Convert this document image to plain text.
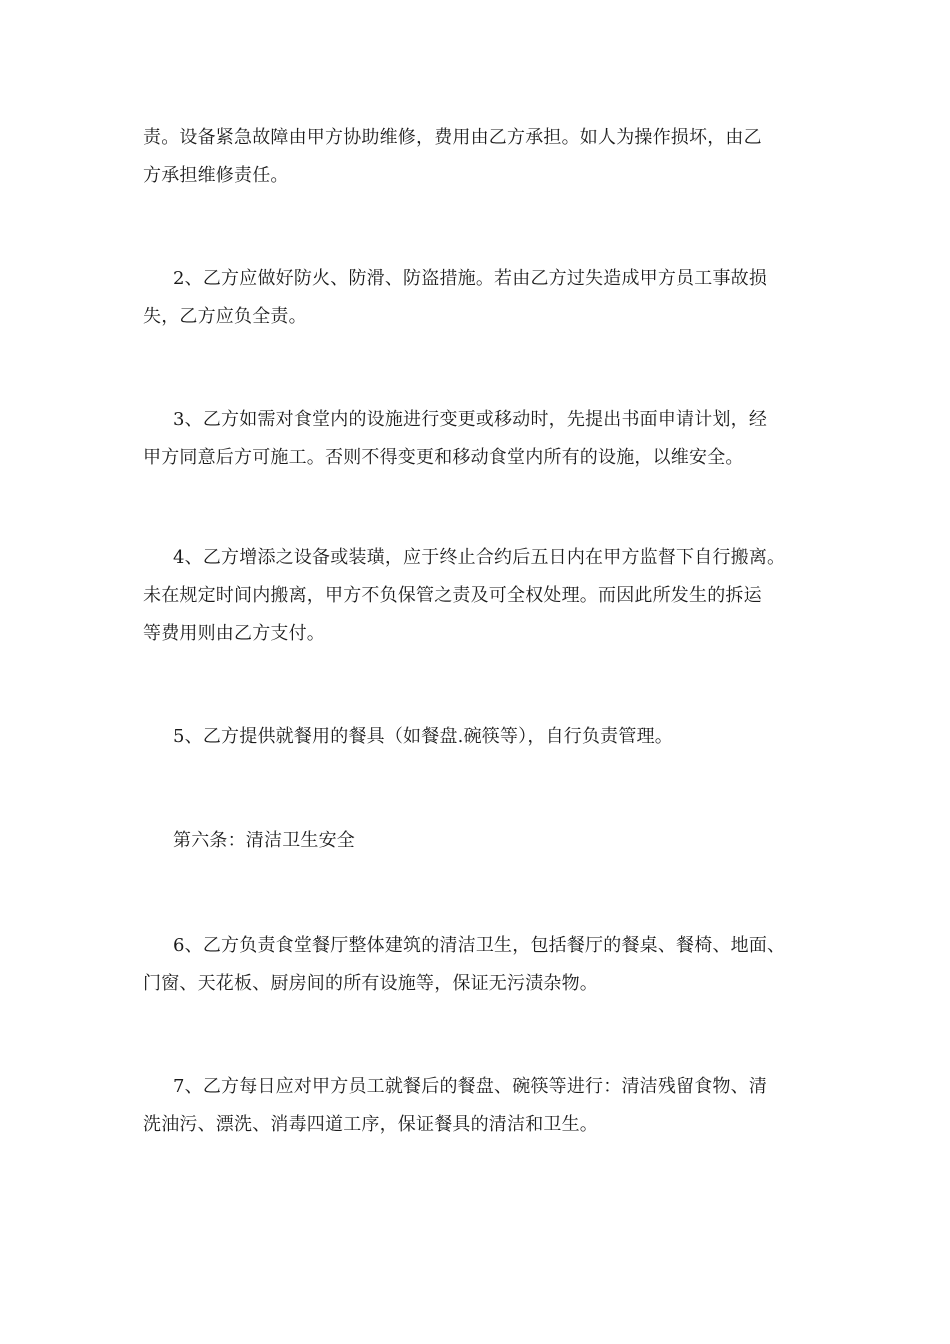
责。设备紧急故障由甲方协助维修，费用由乙方承担。如人为操作损坏，由乙
方承担维修责任。
2、乙方应做好防火、防滑、防盗措施。若由乙方过失造成甲方员工事故损
失，乙方应负全责。
3、乙方如需对食堂内的设施进行变更或移动时，先提出书面申请计划，经
甲方同意后方可施工。否则不得变更和移动食堂内所有的设施，以维安全。
4、乙方增添之设备或装璜，应于终止合约后五日内在甲方监督下自行搬离。
未在规定时间内搬离，甲方不负保管之责及可全权处理。而因此所发生的拆运
等费用则由乙方支付。
5、乙方提供就餐用的餐具（如餐盘.碗筷等），自行负责管理。
第六条：清洁卫生安全
6、乙方负责食堂餐厅整体建筑的清洁卫生，包括餐厅的餐桌、餐椅、地面、
门窗、天花板、厨房间的所有设施等，保证无污渍杂物。
7、乙方每日应对甲方员工就餐后的餐盘、碗筷等进行：清洁残留食物、清
洗油污、漂洗、消毒四道工序，保证餐具的清洁和卫生。
